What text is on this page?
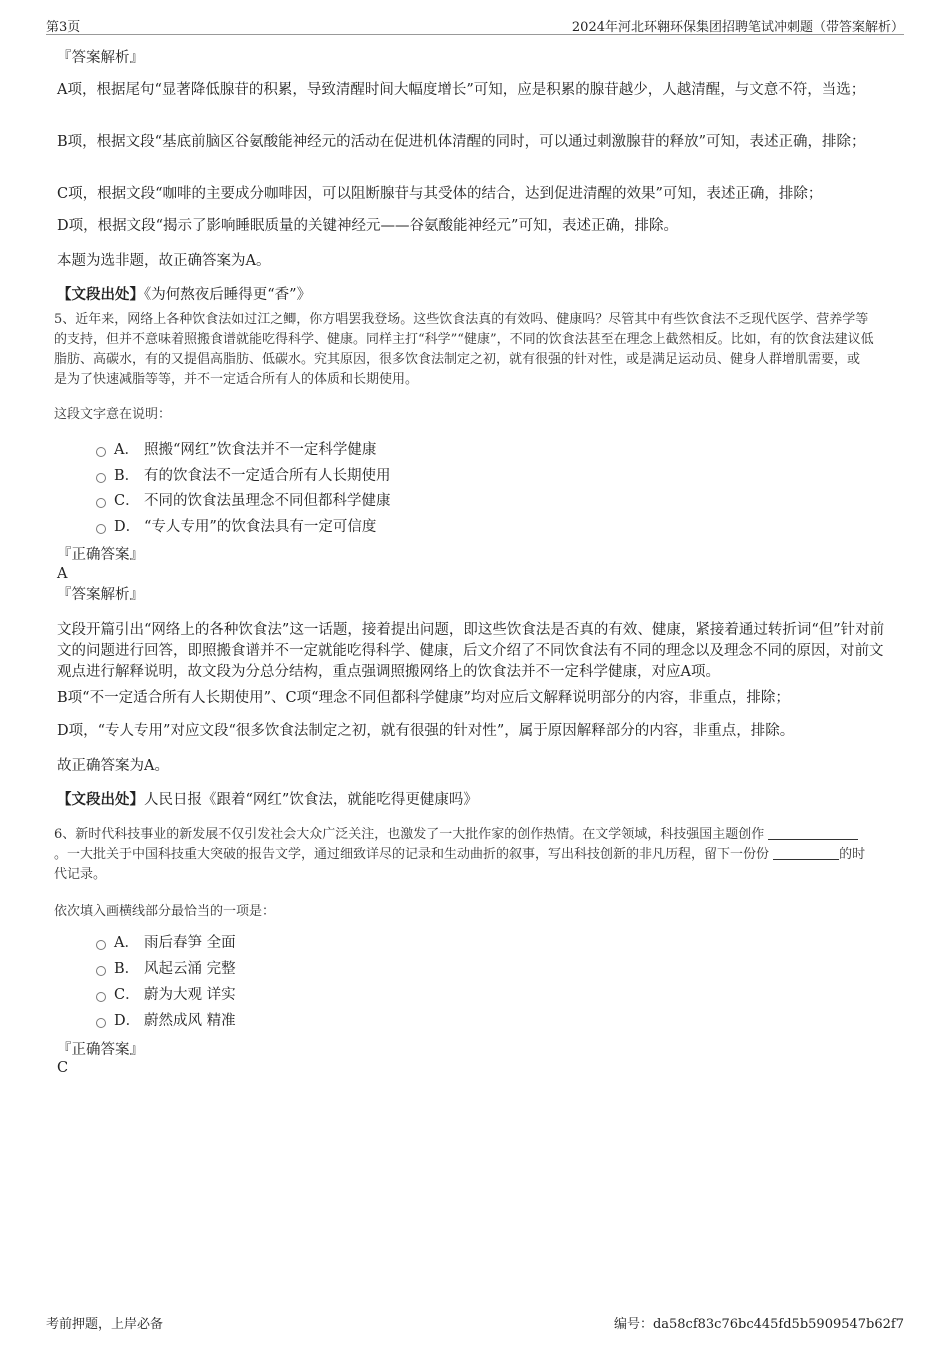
第3页	2024年河北环翱环保集团招聘笔试冲刺题（带答案解析）
『答案解析』
A项，根据尾句“显著降低腺苷的积累，导致清醒时间大幅度增长”可知，应是积累的腺苷越少，人越清醒，与文意不符，当选；
B项，根据文段“基底前脑区谷氨酸能神经元的活动在促进机体清醒的同时，可以通过刺激腺苷的释放”可知，表述正确，排除；
C项，根据文段“咖啡的主要成分咖啡因，可以阻断腺苷与其受体的结合，达到促进清醒的效果”可知，表述正确，排除；
D项，根据文段“揭示了影响睡眠质量的关键神经元——谷氨酸能神经元”可知，表述正确，排除。
本题为选非题，故正确答案为A。
【文段出处】《为何熬夜后睡得更“香”》
5、近年来，网络上各种饮食法如过江之鲫，你方唱罢我登场。这些饮食法真的有效吗、健康吗？尽管其中有些饮食法不乏现代医学、营养学等
的支持，但并不意味着照搬食谱就能吃得科学、健康。同样主打“科学”“健康”，不同的饮食法甚至在理念上截然相反。比如，有的饮食法建议低
脂肪、高碳水，有的又提倡高脂肪、低碳水。究其原因，很多饮食法制定之初，就有很强的针对性，或是满足运动员、健身人群增肌需要，或
是为了快速减脂等等，并不一定适合所有人的体质和长期使用。
这段文字意在说明：
A． 照搬“网红”饮食法并不一定科学健康
B． 有的饮食法不一定适合所有人长期使用
C． 不同的饮食法虽理念不同但都科学健康
D． “专人专用”的饮食法具有一定可信度
『正确答案』
A
『答案解析』
文段开篇引出“网络上的各种饮食法”这一话题，接着提出问题，即这些饮食法是否真的有效、健康，紧接着通过转折词“但”针对前文的问题进行回答，即照搬食谱并不一定就能吃得科学、健康，后文介绍了不同饮食法有不同的理念以及理念不同的原因，对前文观点进行解释说明，故文段为分总分结构，重点强调照搬网络上的饮食法并不一定科学健康，对应A项。
B项“不一定适合所有人长期使用”、C项“理念不同但都科学健康”均对应后文解释说明部分的内容，非重点，排除；
D项，“专人专用”对应文段“很多饮食法制定之初，就有很强的针对性”，属于原因解释部分的内容，非重点，排除。
故正确答案为A。
【文段出处】人民日报《跟着“网红”饮食法，就能吃得更健康吗》
6、新时代科技事业的新发展不仅引发社会大众广泛关注，也激发了一大批作家的创作热情。在文学领域，科技强国主题创作
。一大批关于中国科技重大突破的报告文学，通过细致详尽的记录和生动曲折的叙事，写出科技创新的非凡历程，留下一份份	的时
代记录。
依次填入画横线部分最恰当的一项是：
A． 雨后春笋 全面
B． 风起云涌 完整
C． 蔚为大观 详实
D． 蔚然成风 精准
『正确答案』
C
考前押题，上岸必备	编号：da58cf83c76bc445fd5b5909547b62f7
